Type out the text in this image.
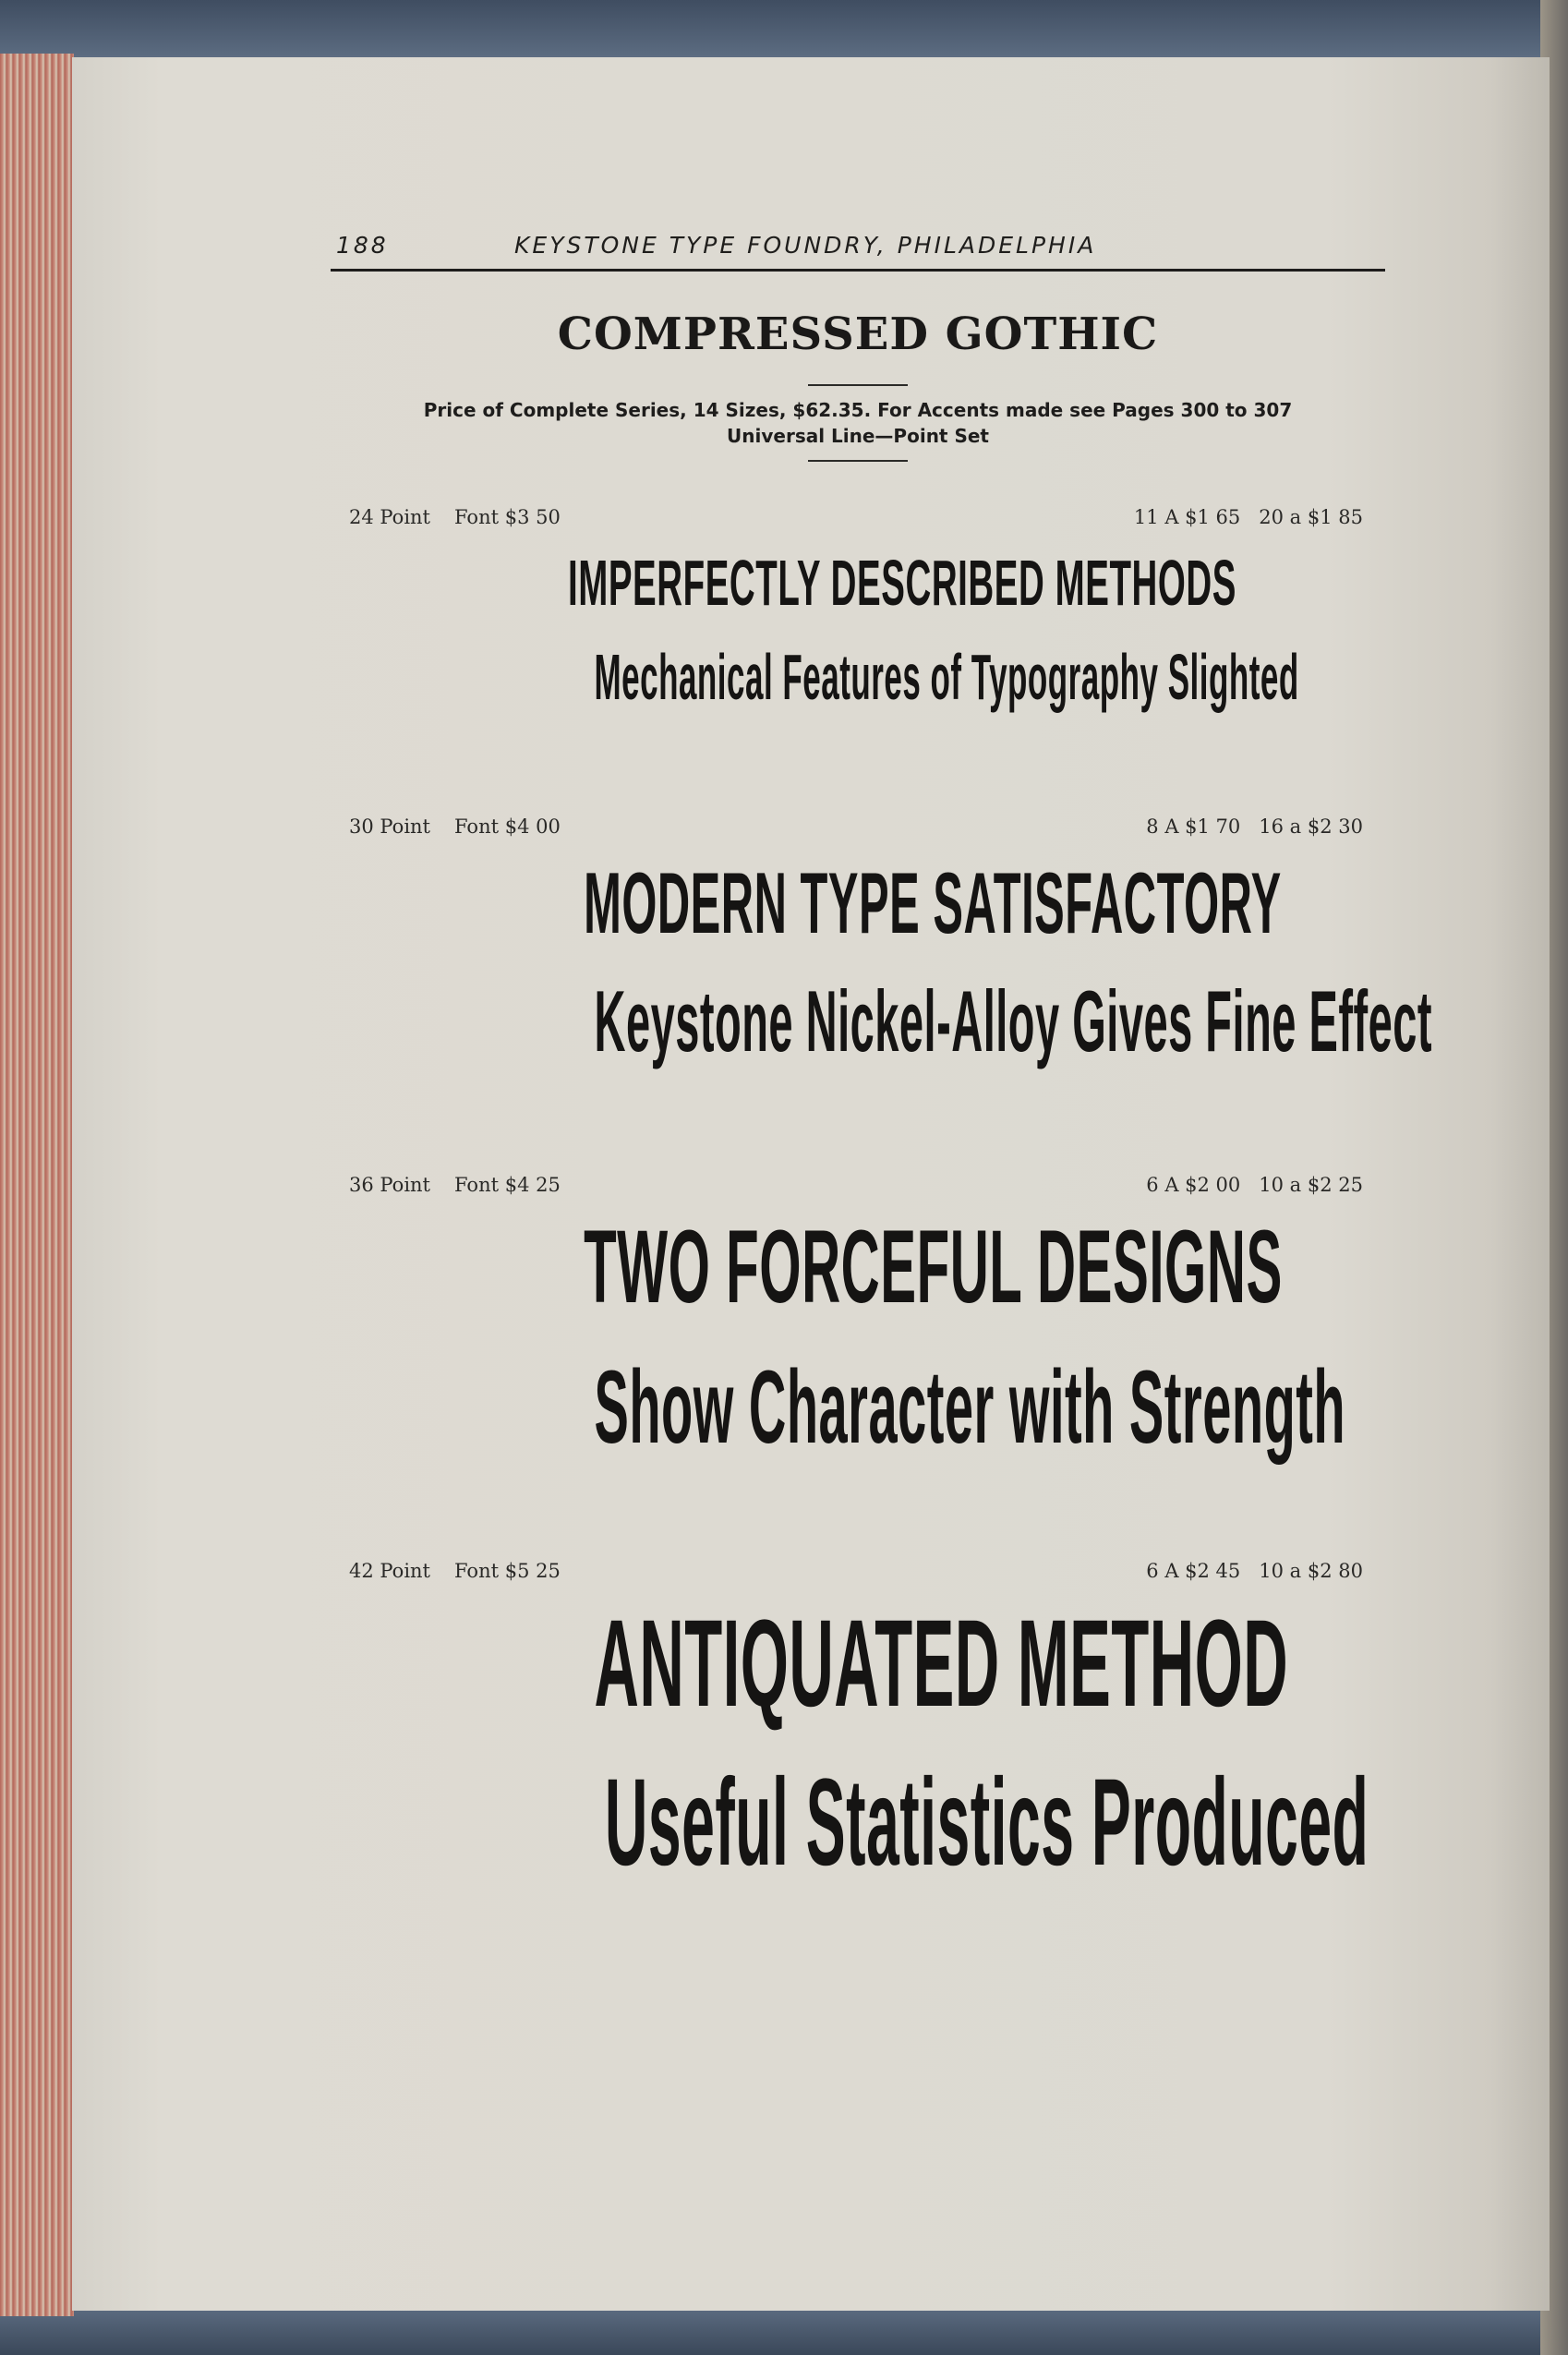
188	KEYSTONE TYPE FOUNDRY, PHILADELPHIA
COMPRESSED GOTHIC
Price of Complete Series, 14 Sizes, $62.35. For Accents made see Pages 300 to 307
Universal Line—Point Set
24 Point Font $3 50	11 A $1 65 20 a $1 85
IMPERFECTLY DESCRIBED METHODS
Mechanical Features of Typography Slighted
30 Point Font $4 00	8 A $1 70 16 a $2 30
MODERN TYPE SATISFACTORY
Keystone Nickel-Alloy Gives Fine Effect
36 Point Font $4 25	6 A $2 00 10 a $2 25
TWO FORCEFUL DESIGNS
Show Character with Strength
42 Point Font $5 25	6 A $2 45 10 a $2 80
ANTIQUATED METHOD
Useful Statistics Produced
